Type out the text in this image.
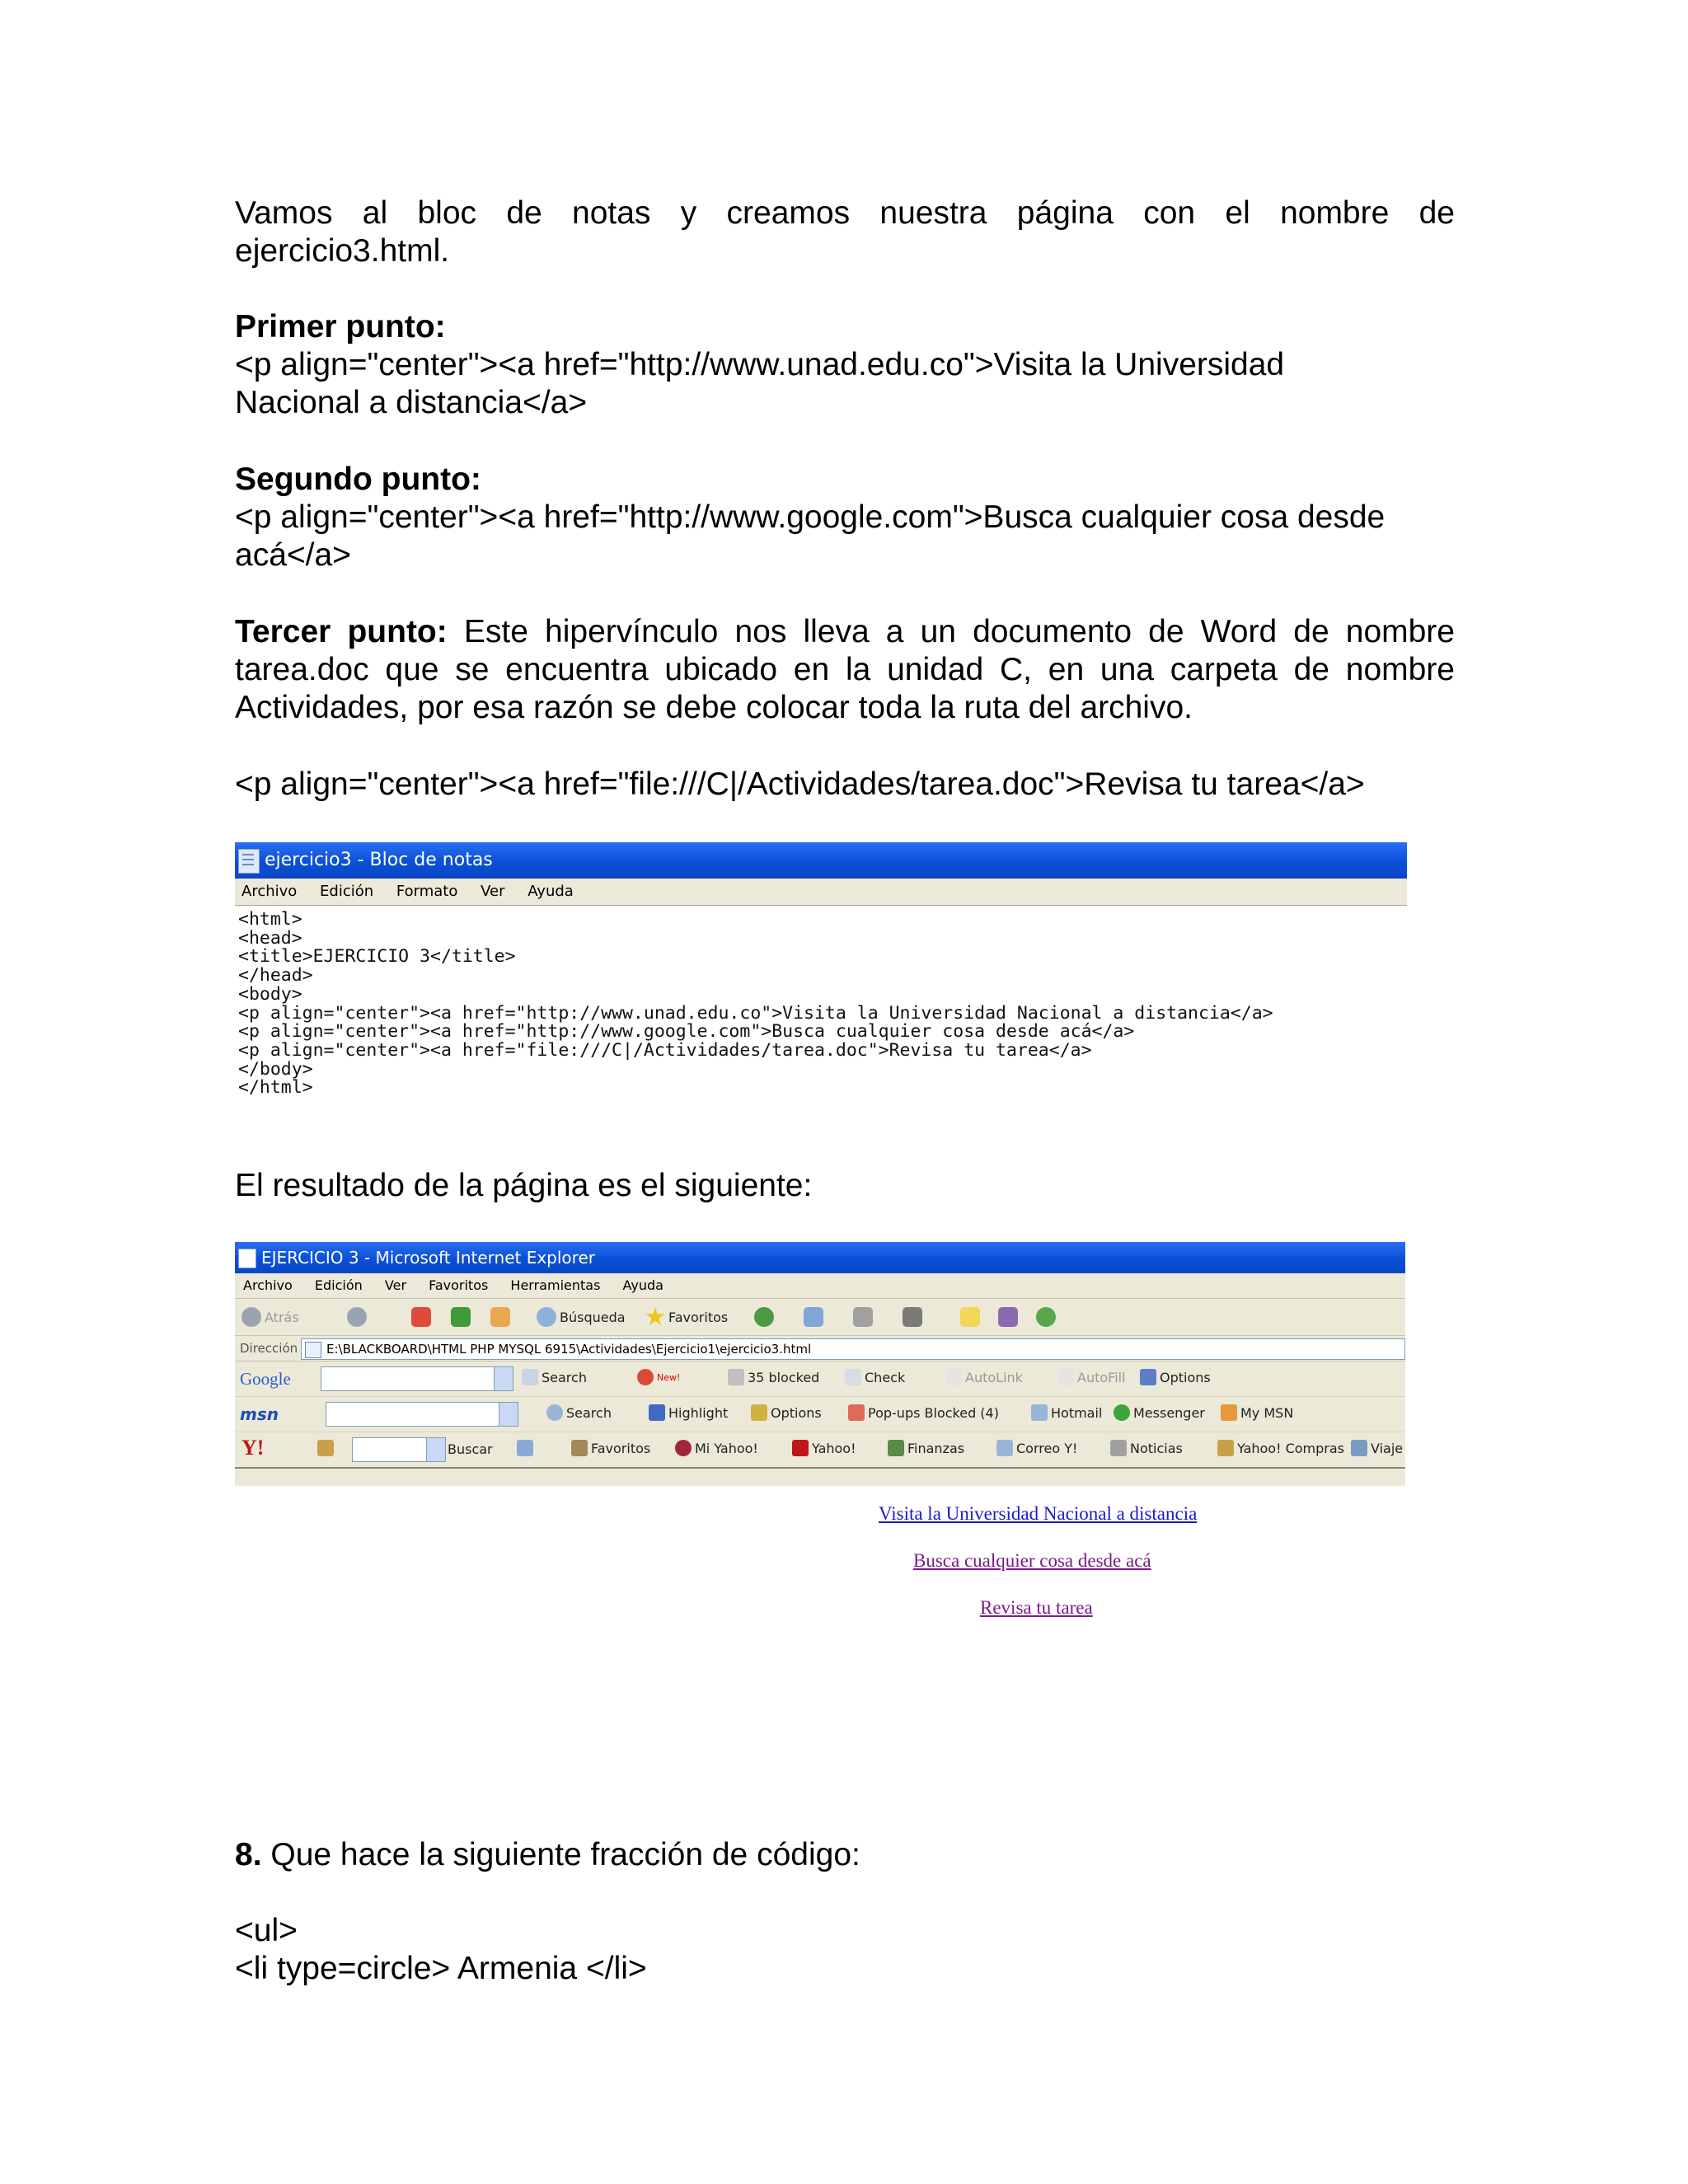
Vamos al bloc de notas y creamos nuestra página con el nombre de
ejercicio3.html.
Primer punto:
<p align="center"><a href="http://www.unad.edu.co">Visita la Universidad
Nacional a distancia</a>
Segundo punto:
<p align="center"><a href="http://www.google.com">Busca cualquier cosa desde
acá</a>
Tercer punto: Este hipervínculo nos lleva a un documento de Word de nombre
tarea.doc que se encuentra ubicado en la unidad C, en una carpeta de nombre
Actividades, por esa razón se debe colocar toda la ruta del archivo.
<p align="center"><a href="file:///C|/Actividades/tarea.doc">Revisa tu tarea</a>
ejercicio3 - Bloc de notas
Archivo Edición Formato Ver Ayuda
<html>
<head>
<title>EJERCICIO 3</title>
</head>
<body>
<p align="center"><a href="http://www.unad.edu.co">Visita la Universidad Nacional a distancia</a>
<p align="center"><a href="http://www.google.com">Busca cualquier cosa desde acá</a>
<p align="center"><a href="file:///C|/Actividades/tarea.doc">Revisa tu tarea</a>
</body>
</html>
El resultado de la página es el siguiente:
EJERCICIO 3 - Microsoft Internet Explorer
Archivo Edición Ver Favoritos Herramientas Ayuda
Atrás	Búsqueda	Favoritos
Dirección	E:\BLACKBOARD\HTML PHP MYSQL 6915\Actividades\Ejercicio1\ejercicio3.html
Google	Search	New!	35 blocked	Check	AutoLink	AutoFill	Options
msn	Search	Highlight	Options	Pop-ups Blocked (4)	Hotmail Messenger	My MSN
Y!	Buscar	Favoritos	Mi Yahoo!	Yahoo!	Finanzas	Correo Y!	Noticias	Yahoo! Compras Viaje
Visita la Universidad Nacional a distancia
Busca cualquier cosa desde acá
Revisa tu tarea
8. Que hace la siguiente fracción de código:
<ul>
<li type=circle> Armenia </li>
